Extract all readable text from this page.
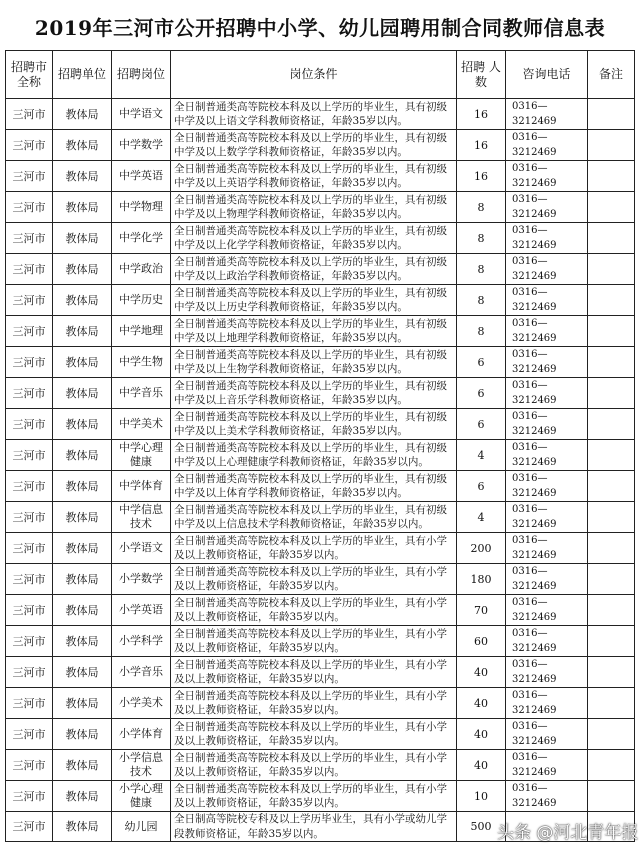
2019年三河市公开招聘中小学、幼儿园聘用制合同教师信息表
招聘市全称	招聘单位	招聘岗位	岗位条件	招聘 人数	咨询电话	备注
三河市	教体局	中学语文	全日制普通类高等院校本科及以上学历的毕业生，具有初级中学及以上语文学科教师资格证，年龄35岁以内。	16	0316—3212469	
三河市	教体局	中学数学	全日制普通类高等院校本科及以上学历的毕业生，具有初级中学及以上数学学科教师资格证，年龄35岁以内。	16	0316—3212469	
三河市	教体局	中学英语	全日制普通类高等院校本科及以上学历的毕业生，具有初级中学及以上英语学科教师资格证，年龄35岁以内。	16	0316—3212469	
三河市	教体局	中学物理	全日制普通类高等院校本科及以上学历的毕业生，具有初级中学及以上物理学科教师资格证，年龄35岁以内。	8	0316—3212469	
三河市	教体局	中学化学	全日制普通类高等院校本科及以上学历的毕业生，具有初级中学及以上化学学科教师资格证，年龄35岁以内。	8	0316—3212469	
三河市	教体局	中学政治	全日制普通类高等院校本科及以上学历的毕业生，具有初级中学及以上政治学科教师资格证，年龄35岁以内。	8	0316—3212469	
三河市	教体局	中学历史	全日制普通类高等院校本科及以上学历的毕业生，具有初级中学及以上历史学科教师资格证，年龄35岁以内。	8	0316—3212469	
三河市	教体局	中学地理	全日制普通类高等院校本科及以上学历的毕业生，具有初级中学及以上地理学科教师资格证，年龄35岁以内。	8	0316—3212469	
三河市	教体局	中学生物	全日制普通类高等院校本科及以上学历的毕业生，具有初级中学及以上生物学科教师资格证，年龄35岁以内。	6	0316—3212469	
三河市	教体局	中学音乐	全日制普通类高等院校本科及以上学历的毕业生，具有初级中学及以上音乐学科教师资格证，年龄35岁以内。	6	0316—3212469	
三河市	教体局	中学美术	全日制普通类高等院校本科及以上学历的毕业生，具有初级中学及以上美术学科教师资格证，年龄35岁以内。	6	0316—3212469	
三河市	教体局	中学心理健康	全日制普通类高等院校本科及以上学历的毕业生，具有初级中学及以上心理健康学科教师资格证，年龄35岁以内。	4	0316—3212469	
三河市	教体局	中学体育	全日制普通类高等院校本科及以上学历的毕业生，具有初级中学及以上体育学科教师资格证，年龄35岁以内。	6	0316—3212469	
三河市	教体局	中学信息技术	全日制普通类高等院校本科及以上学历的毕业生，具有初级中学及以上信息技术学科教师资格证，年龄35岁以内。	4	0316—3212469	
三河市	教体局	小学语文	全日制普通类高等院校本科及以上学历的毕业生，具有小学及以上教师资格证，年龄35岁以内。	200	0316—3212469	
三河市	教体局	小学数学	全日制普通类高等院校本科及以上学历的毕业生，具有小学及以上教师资格证，年龄35岁以内。	180	0316—3212469	
三河市	教体局	小学英语	全日制普通类高等院校本科及以上学历的毕业生，具有小学及以上教师资格证，年龄35岁以内。	70	0316—3212469	
三河市	教体局	小学科学	全日制普通类高等院校本科及以上学历的毕业生，具有小学及以上教师资格证，年龄35岁以内。	60	0316—3212469	
三河市	教体局	小学音乐	全日制普通类高等院校本科及以上学历的毕业生，具有小学及以上教师资格证，年龄35岁以内。	40	0316—3212469	
三河市	教体局	小学美术	全日制普通类高等院校本科及以上学历的毕业生，具有小学及以上教师资格证，年龄35岁以内。	40	0316—3212469	
三河市	教体局	小学体育	全日制普通类高等院校本科及以上学历的毕业生，具有小学及以上教师资格证，年龄35岁以内。	40	0316—3212469	
三河市	教体局	小学信息技术	全日制普通类高等院校本科及以上学历的毕业生，具有小学及以上教师资格证，年龄35岁以内。	40	0316—3212469	
三河市	教体局	小学心理健康	全日制普通类高等院校本科及以上学历的毕业生，具有小学及以上教师资格证，年龄35岁以内。	10	0316—3212469	
三河市	教体局	幼儿园	全日制高等院校专科及以上学历毕业生，具有小学或幼儿学段教师资格证，年龄35岁以内。	500		头条 @河北青年报
